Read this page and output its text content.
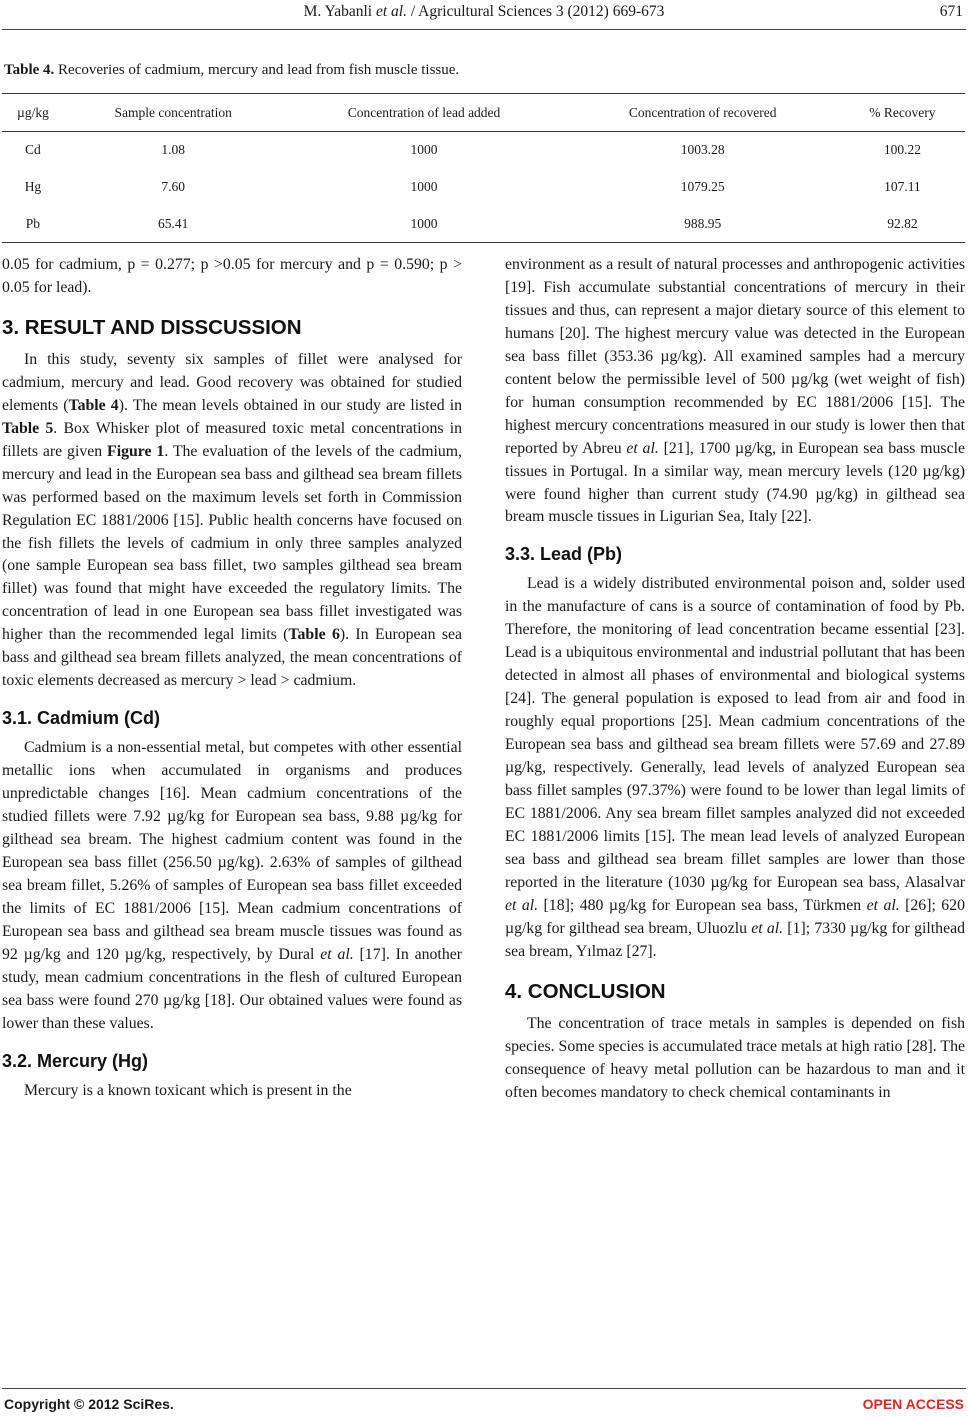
M. Yabanli et al. / Agricultural Sciences 3 (2012) 669-673	671
Table 4. Recoveries of cadmium, mercury and lead from fish muscle tissue.
µg/kg	Sample concentration	Concentration of lead added	Concentration of recovered	% Recovery
Cd	1.08	1000	1003.28	100.22
Hg	7.60	1000	1079.25	107.11
Pb	65.41	1000	988.95	92.82

0.05 for cadmium, p = 0.277; p >0.05 for mercury and p = 0.590; p > 0.05 for lead).

3. RESULT AND DISSCUSSION

In this study, seventy six samples of fillet were analysed for cadmium, mercury and lead. Good recovery was obtained for studied elements (Table 4). The mean levels obtained in our study are listed in Table 5. Box Whisker plot of measured toxic metal concentrations in fillets are given Figure 1. The evaluation of the levels of the cadmium, mercury and lead in the European sea bass and gilthead sea bream fillets was performed based on the maximum levels set forth in Commission Regulation EC 1881/2006 [15]. Public health concerns have focused on the fish fillets the levels of cadmium in only three samples analyzed (one sample European sea bass fillet, two samples gilthead sea bream fillet) was found that might have exceeded the regulatory limits. The concentration of lead in one European sea bass fillet investigated was higher than the recommended legal limits (Table 6). In European sea bass and gilthead sea bream fillets analyzed, the mean concentrations of toxic elements decreased as mercury > lead > cadmium.

3.1. Cadmium (Cd)

Cadmium is a non-essential metal, but competes with other essential metallic ions when accumulated in organisms and produces unpredictable changes [16]. Mean cadmium concentrations of the studied fillets were 7.92 µg/kg for European sea bass, 9.88 µg/kg for gilthead sea bream. The highest cadmium content was found in the European sea bass fillet (256.50 µg/kg). 2.63% of samples of gilthead sea bream fillet, 5.26% of samples of European sea bass fillet exceeded the limits of EC 1881/2006 [15]. Mean cadmium concentrations of European sea bass and gilthead sea bream muscle tissues was found as 92 µg/kg and 120 µg/kg, respectively, by Dural et al. [17]. In another study, mean cadmium concentrations in the flesh of cultured European sea bass were found 270 µg/kg [18]. Our obtained values were found as lower than these values.

3.2. Mercury (Hg)

Mercury is a known toxicant which is present in the

environment as a result of natural processes and anthropogenic activities [19]. Fish accumulate substantial concentrations of mercury in their tissues and thus, can represent a major dietary source of this element to humans [20]. The highest mercury value was detected in the European sea bass fillet (353.36 µg/kg). All examined samples had a mercury content below the permissible level of 500 µg/kg (wet weight of fish) for human consumption recommended by EC 1881/2006 [15]. The highest mercury concentrations measured in our study is lower then that reported by Abreu et al. [21], 1700 µg/kg, in European sea bass muscle tissues in Portugal. In a similar way, mean mercury levels (120 µg/kg) were found higher than current study (74.90 µg/kg) in gilthead sea bream muscle tissues in Ligurian Sea, Italy [22].

3.3. Lead (Pb)

Lead is a widely distributed environmental poison and, solder used in the manufacture of cans is a source of contamination of food by Pb. Therefore, the monitoring of lead concentration became essential [23]. Lead is a ubiquitous environmental and industrial pollutant that has been detected in almost all phases of environmental and biological systems [24]. The general population is exposed to lead from air and food in roughly equal proportions [25]. Mean cadmium concentrations of the European sea bass and gilthead sea bream fillets were 57.69 and 27.89 µg/kg, respectively. Generally, lead levels of analyzed European sea bass fillet samples (97.37%) were found to be lower than legal limits of EC 1881/2006. Any sea bream fillet samples analyzed did not exceeded EC 1881/2006 limits [15]. The mean lead levels of analyzed European sea bass and gilthead sea bream fillet samples are lower than those reported in the literature (1030 µg/kg for European sea bass, Alasalvar et al. [18]; 480 µg/kg for European sea bass, Türkmen et al. [26]; 620 µg/kg for gilthead sea bream, Uluozlu et al. [1]; 7330 µg/kg for gilthead sea bream, Yılmaz [27].

4. CONCLUSION

The concentration of trace metals in samples is depended on fish species. Some species is accumulated trace metals at high ratio [28]. The consequence of heavy metal pollution can be hazardous to man and it often becomes mandatory to check chemical contaminants in

Copyright © 2012 SciRes.	OPEN ACCESS
